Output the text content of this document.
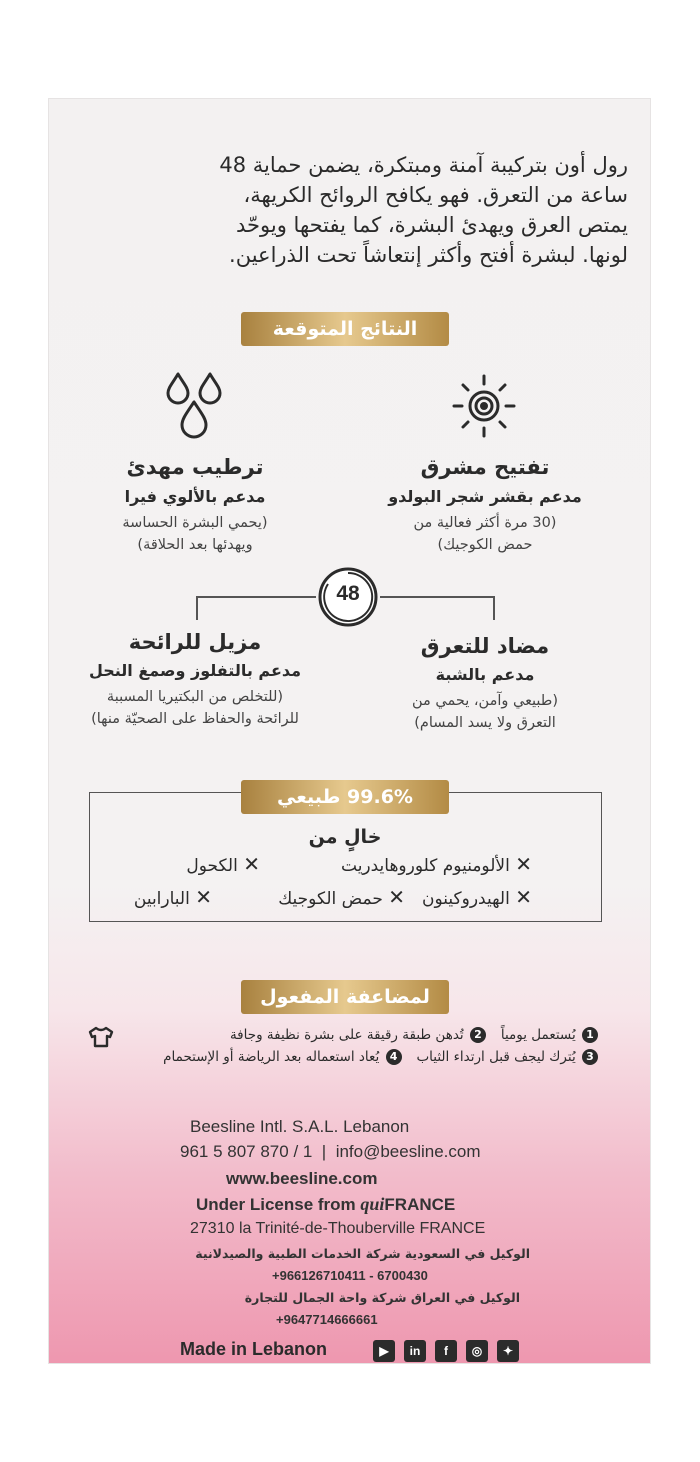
رول أون بتركيبة آمنة ومبتكرة، يضمن حماية 48
ساعة من التعرق. فهو يكافح الروائح الكريهة،
يمتص العرق ويهدئ البشرة، كما يفتحها ويوحّد
لونها. لبشرة أفتح وأكثر إنتعاشاً تحت الذراعين.
النتائج المتوقعة
ترطيب مهدئ
مدعم بالألوي فيرا
(يحمي البشرة الحساسة
ويهدئها بعد الحلاقة)
تفتيح مشرق
مدعم بقشر شجر البولدو
(30 مرة أكثر فعالية من
حمض الكوجيك)
48
مزيل للرائحة
مدعم بالتفلوز وصمغ النحل
(للتخلص من البكتيريا المسببة
للرائحة والحفاظ على الصحيّة منها)
مضاد للتعرق
مدعم بالشبة
(طبيعي وآمن، يحمي من
التعرق ولا يسد المسام)
99.6% طبيعي
خالٍ من
✕ الألومنيوم كلوروهايدريت
✕ الكحول
✕ الهيدروكينون
✕ حمض الكوجيك
✕ البارابين
لمضاعفة المفعول
1 يُستعمل يومياً   2 تُدهن طبقة رقيقة على بشرة نظيفة وجافة
3 يُترك ليجف قبل ارتداء الثياب   4 يُعاد استعماله بعد الرياضة أو الإستحمام
Beesline Intl. S.A.L. Lebanon
961 5 807 870 / 1  |  info@beesline.com
www.beesline.com
Under License from quiFRANCE
27310 la Trinité-de-Thouberville FRANCE
الوكيل في السعودية شركة الخدمات الطبية والصيدلانية
+966126710411 - 6700430
الوكيل في العراق شركة واحة الجمال للتجارة
+9647714666661
Made in Lebanon	▶	in	f	◎	✦
